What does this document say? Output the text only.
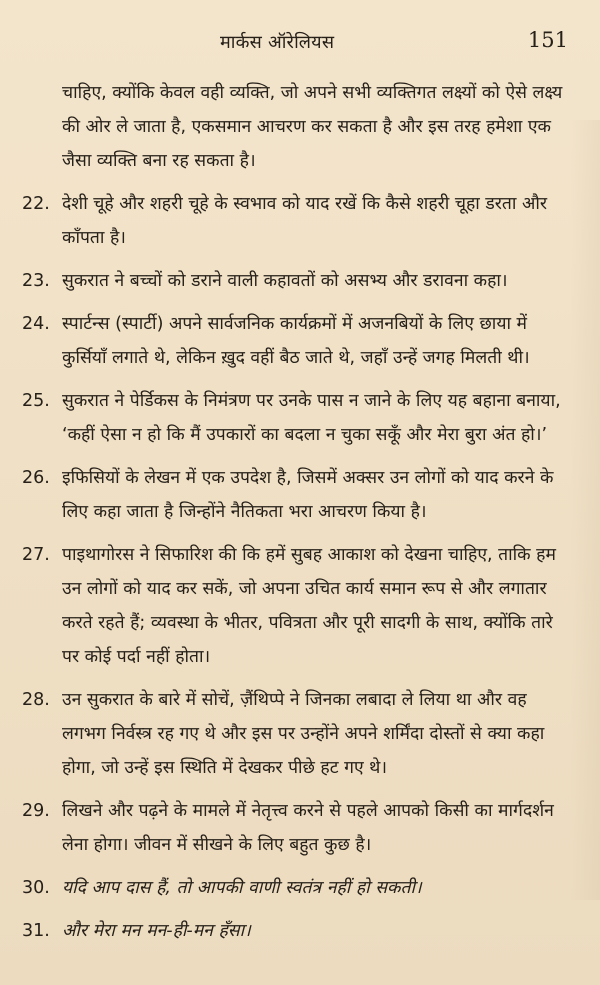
मार्कस ऑरेलियस	151
चाहिए, क्योंकि केवल वही व्यक्ति, जो अपने सभी व्यक्तिगत लक्ष्यों को ऐसे लक्ष्य की ओर ले जाता है, एकसमान आचरण कर सकता है और इस तरह हमेशा एक जैसा व्यक्ति बना रह सकता है।
22. देशी चूहे और शहरी चूहे के स्वभाव को याद रखें कि कैसे शहरी चूहा डरता और काँपता है।
23. सुकरात ने बच्चों को डराने वाली कहावतों को असभ्य और डरावना कहा।
24. स्पार्टन्स (स्पार्टी) अपने सार्वजनिक कार्यक्रमों में अजनबियों के लिए छाया में कुर्सियाँ लगाते थे, लेकिन ख़ुद वहीं बैठ जाते थे, जहाँ उन्हें जगह मिलती थी।
25. सुकरात ने पेर्डिकस के निमंत्रण पर उनके पास न जाने के लिए यह बहाना बनाया, ‘कहीं ऐसा न हो कि मैं उपकारों का बदला न चुका सकूँ और मेरा बुरा अंत हो।’
26. इफिसियों के लेखन में एक उपदेश है, जिसमें अक्सर उन लोगों को याद करने के लिए कहा जाता है जिन्होंने नैतिकता भरा आचरण किया है।
27. पाइथागोरस ने सिफारिश की कि हमें सुबह आकाश को देखना चाहिए, ताकि हम उन लोगों को याद कर सकें, जो अपना उचित कार्य समान रूप से और लगातार करते रहते हैं; व्यवस्था के भीतर, पवित्रता और पूरी सादगी के साथ, क्योंकि तारे पर कोई पर्दा नहीं होता।
28. उन सुकरात के बारे में सोचें, ज़ैंथिप्पे ने जिनका लबादा ले लिया था और वह लगभग निर्वस्त्र रह गए थे और इस पर उन्होंने अपने शर्मिंदा दोस्तों से क्या कहा होगा, जो उन्हें इस स्थिति में देखकर पीछे हट गए थे।
29. लिखने और पढ़ने के मामले में नेतृत्त्व करने से पहले आपको किसी का मार्गदर्शन लेना होगा। जीवन में सीखने के लिए बहुत कुछ है।
30. यदि आप दास हैं, तो आपकी वाणी स्वतंत्र नहीं हो सकती।
31. और मेरा मन मन-ही-मन हँसा।
